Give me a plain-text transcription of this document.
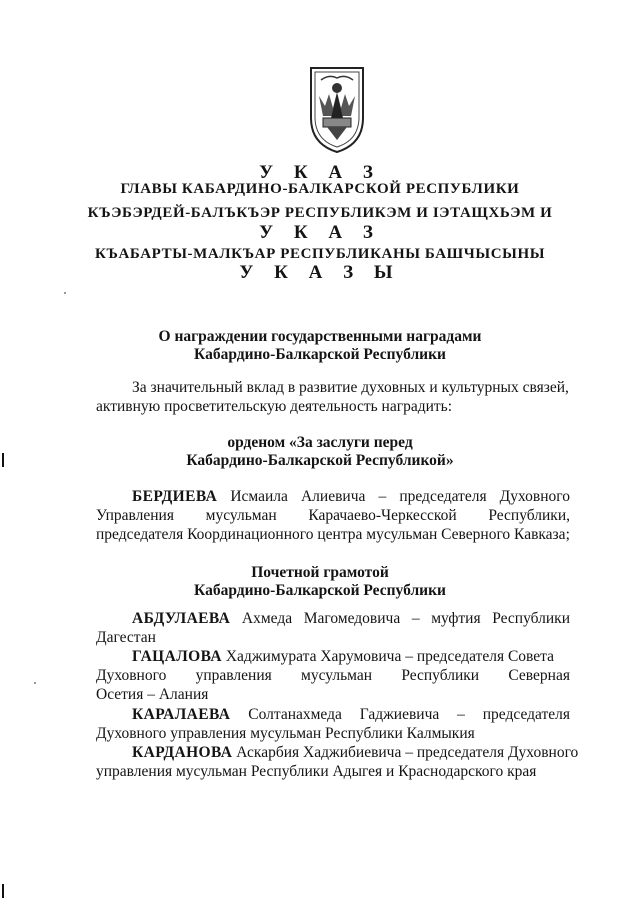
У К А З
ГЛАВЫ КАБАРДИНО-БАЛКАРСКОЙ РЕСПУБЛИКИ
КЪЭБЭРДЕЙ-БАЛЪКЪЭР РЕСПУБЛИКЭМ И ІЭТАЩХЬЭМ И
У К А З
КЪАБАРТЫ-МАЛКЪАР РЕСПУБЛИКАНЫ БАШЧЫСЫНЫ
У К А З Ы
О награждении государственными наградами
Кабардино-Балкарской Республики
За значительный вклад в развитие духовных и культурных связей,
активную просветительскую деятельность наградить:
орденом «За заслуги перед
Кабардино-Балкарской Республикой»
БЕРДИЕВА Исмаила Алиевича – председателя Духовного Управления мусульман Карачаево-Черкесской Республики, председателя Координационного центра мусульман Северного Кавказа;
Почетной грамотой
Кабардино-Балкарской Республики
АБДУЛАЕВА Ахмеда Магомедовича – муфтия Республики Дагестан
ГАЦАЛОВА Хаджимурата Харумовича – председателя Совета
Духовного управления мусульман Республики Северная
Осетия – Алания
КАРАЛАЕВА Солтанахмеда Гаджиевича – председателя
Духовного управления мусульман Республики Калмыкия
КАРДАНОВА Аскарбия Хаджибиевича – председателя Духовного
управления мусульман Республики Адыгея и Краснодарского края
